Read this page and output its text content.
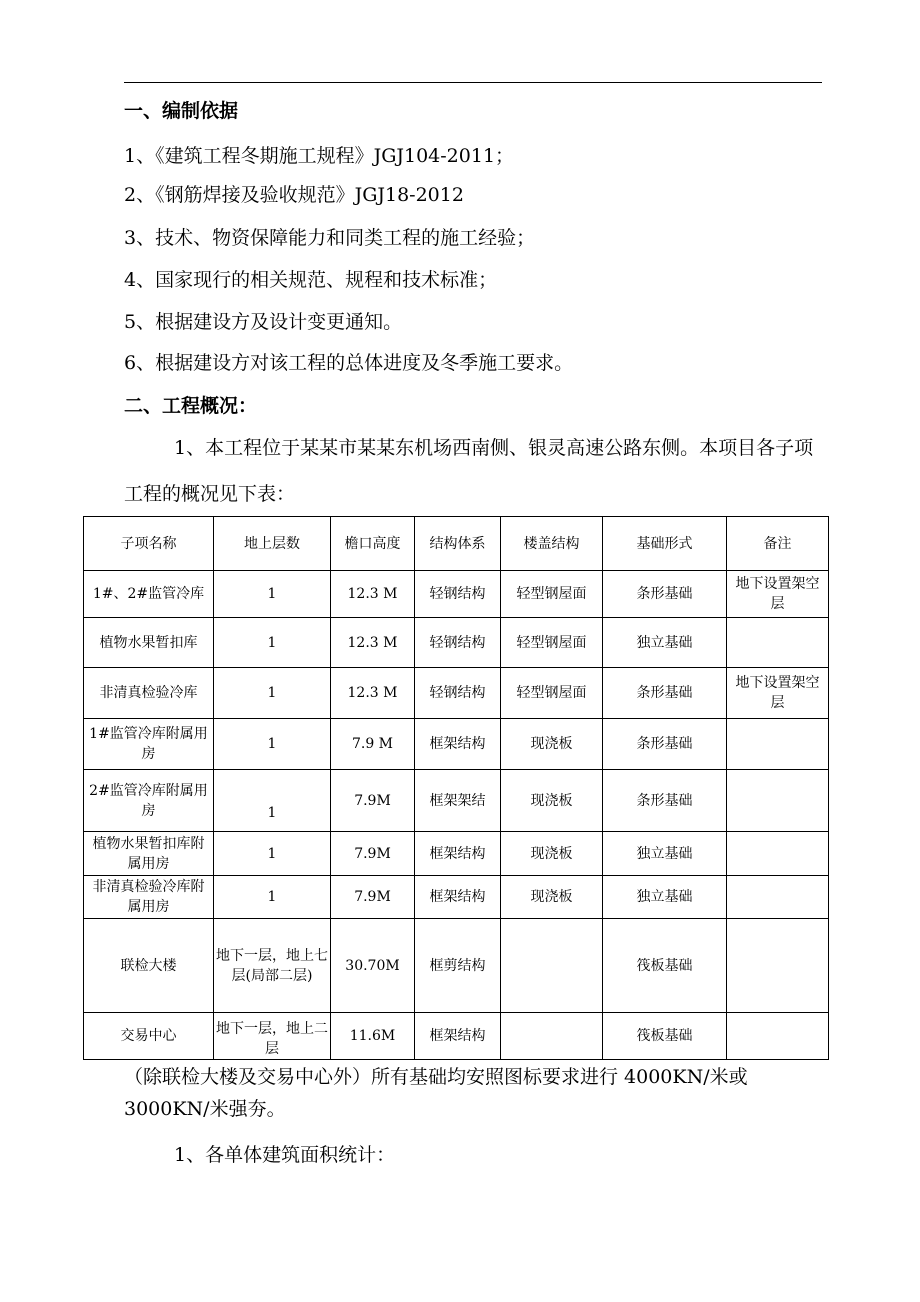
一、编制依据
1、《建筑工程冬期施工规程》JGJ104-2011；
2、《钢筋焊接及验收规范》JGJ18-2012
3、技术、物资保障能力和同类工程的施工经验；
4、国家现行的相关规范、规程和技术标准；
5、根据建设方及设计变更通知。
6、根据建设方对该工程的总体进度及冬季施工要求。
二、工程概况：
1、本工程位于某某市某某东机场西南侧、银灵高速公路东侧。本项目各子项工程的概况见下表：
子项名称	地上层数	檐口高度	结构体系	楼盖结构	基础形式	备注
1#、2#监管冷库	1	12.3 M	轻钢结构	轻型钢屋面	条形基础	地下设置架空层
植物水果暂扣库	1	12.3 M	轻钢结构	轻型钢屋面	独立基础	
非清真检验冷库	1	12.3 M	轻钢结构	轻型钢屋面	条形基础	地下设置架空层
1#监管冷库附属用房	1	7.9 M	框架结构	现浇板	条形基础	
2#监管冷库附属用房	1	7.9M	框架架结	现浇板	条形基础	
植物水果暂扣库附属用房	1	7.9M	框架结构	现浇板	独立基础	
非清真检验冷库附属用房	1	7.9M	框架结构	现浇板	独立基础	
联检大楼	地下一层，地上七层(局部二层)	30.70M	框剪结构		筏板基础	
交易中心	地下一层，地上二层	11.6M	框架结构		筏板基础	
（除联检大楼及交易中心外）所有基础均安照图标要求进行 4000KN/米或3000KN/米强夯。
1、各单体建筑面积统计：
